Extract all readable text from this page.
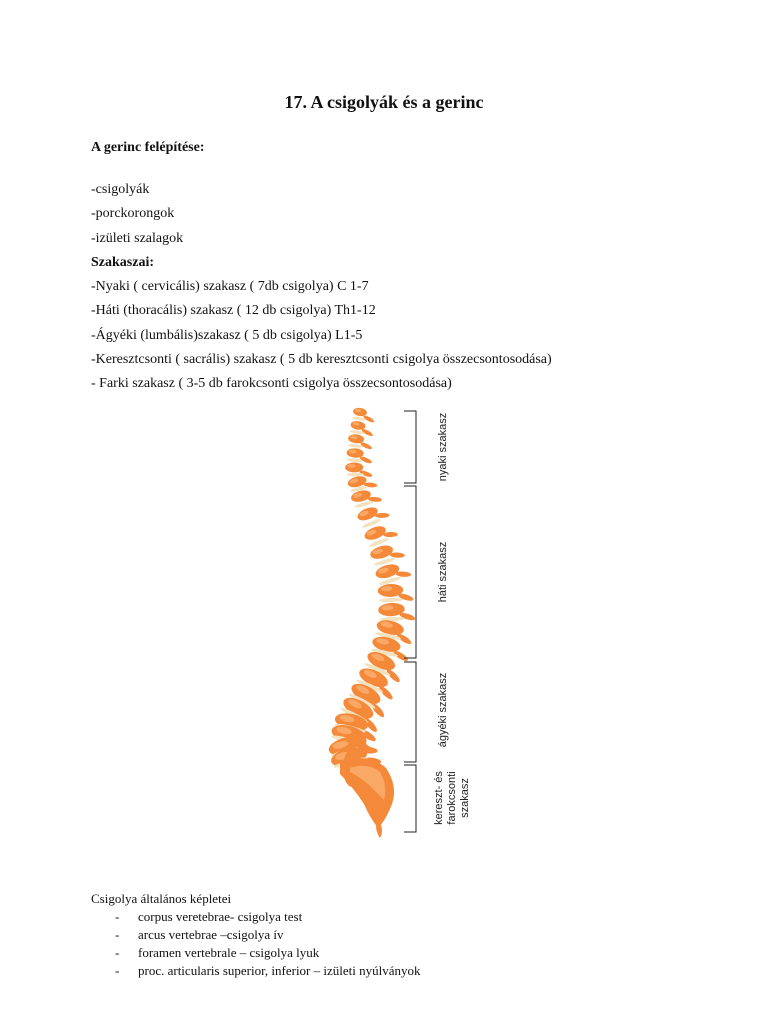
17. A csigolyák és a gerinc
A gerinc felépítése:
-csigolyák
-porckorongok
-izületi szalagok
Szakaszai:
-Nyaki ( cervicális) szakasz ( 7db csigolya) C 1-7
-Háti (thoracális) szakasz ( 12 db csigolya) Th1-12
-Ágyéki (lumbális)szakasz ( 5 db csigolya) L1-5
-Keresztcsonti ( sacrális) szakasz ( 5 db keresztcsonti csigolya összecsontosodása)
- Farki szakasz ( 3-5 db farokcsonti csigolya összecsontosodása)
nyaki szakasz
háti szakasz
ágyéki szakasz
kereszt- és farokcsonti szakasz
Csigolya általános képletei
- corpus veretebrae- csigolya test
- arcus vertebrae –csigolya ív
- foramen vertebrale – csigolya lyuk
- proc. articularis superior, inferior – izületi nyúlványok
